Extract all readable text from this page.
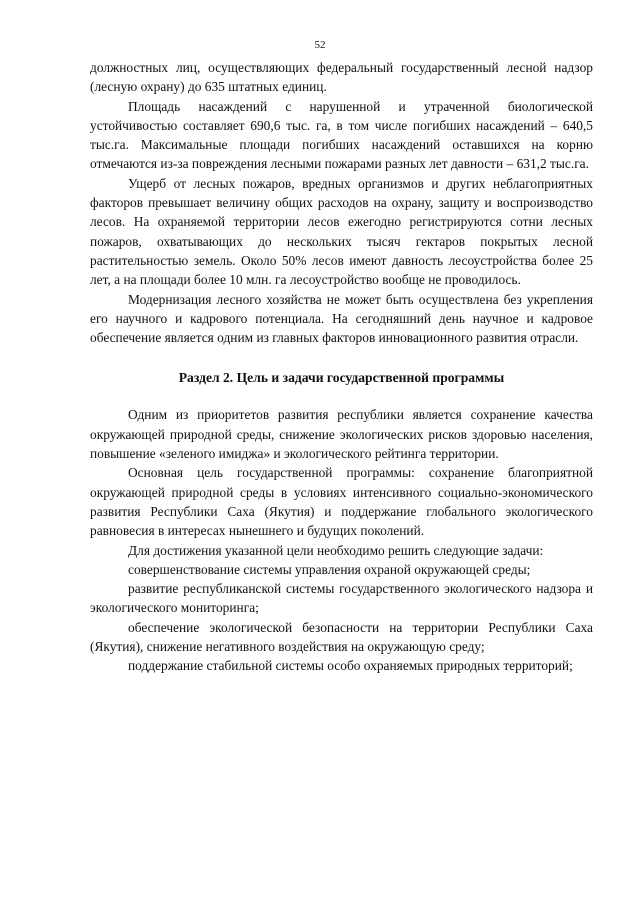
52

должностных лиц, осуществляющих федеральный государственный лесной надзор (лесную охрану) до 635 штатных единиц.

Площадь насаждений с нарушенной и утраченной биологической устойчивостью составляет 690,6 тыс. га, в том числе погибших насаждений – 640,5 тыс.га. Максимальные площади погибших насаждений оставшихся на корню отмечаются из-за повреждения лесными пожарами разных лет давности – 631,2 тыс.га.

Ущерб от лесных пожаров, вредных организмов и других неблагоприятных факторов превышает величину общих расходов на охрану, защиту и воспроизводство лесов. На охраняемой территории лесов ежегодно регистрируются сотни лесных пожаров, охватывающих до нескольких тысяч гектаров покрытых лесной растительностью земель. Около 50% лесов имеют давность лесоустройства более 25 лет, а на площади более 10 млн. га лесоустройство вообще не проводилось.

Модернизация лесного хозяйства не может быть осуществлена без укрепления его научного и кадрового потенциала. На сегодняшний день научное и кадровое обеспечение является одним из главных факторов инновационного развития отрасли.

Раздел 2. Цель и задачи государственной программы

Одним из приоритетов развития республики является сохранение качества окружающей природной среды, снижение экологических рисков здоровью населения, повышение «зеленого имиджа» и экологического рейтинга территории.

Основная цель государственной программы: сохранение благоприятной окружающей природной среды в условиях интенсивного социально-экономического развития Республики Саха (Якутия) и поддержание глобального экологического равновесия в интересах нынешнего и будущих поколений.

Для достижения указанной цели необходимо решить следующие задачи:

совершенствование системы управления охраной окружающей среды;

развитие республиканской системы государственного экологического надзора и экологического мониторинга;

обеспечение экологической безопасности на территории Республики Саха (Якутия), снижение негативного воздействия на окружающую среду;

поддержание стабильной системы особо охраняемых природных территорий;
